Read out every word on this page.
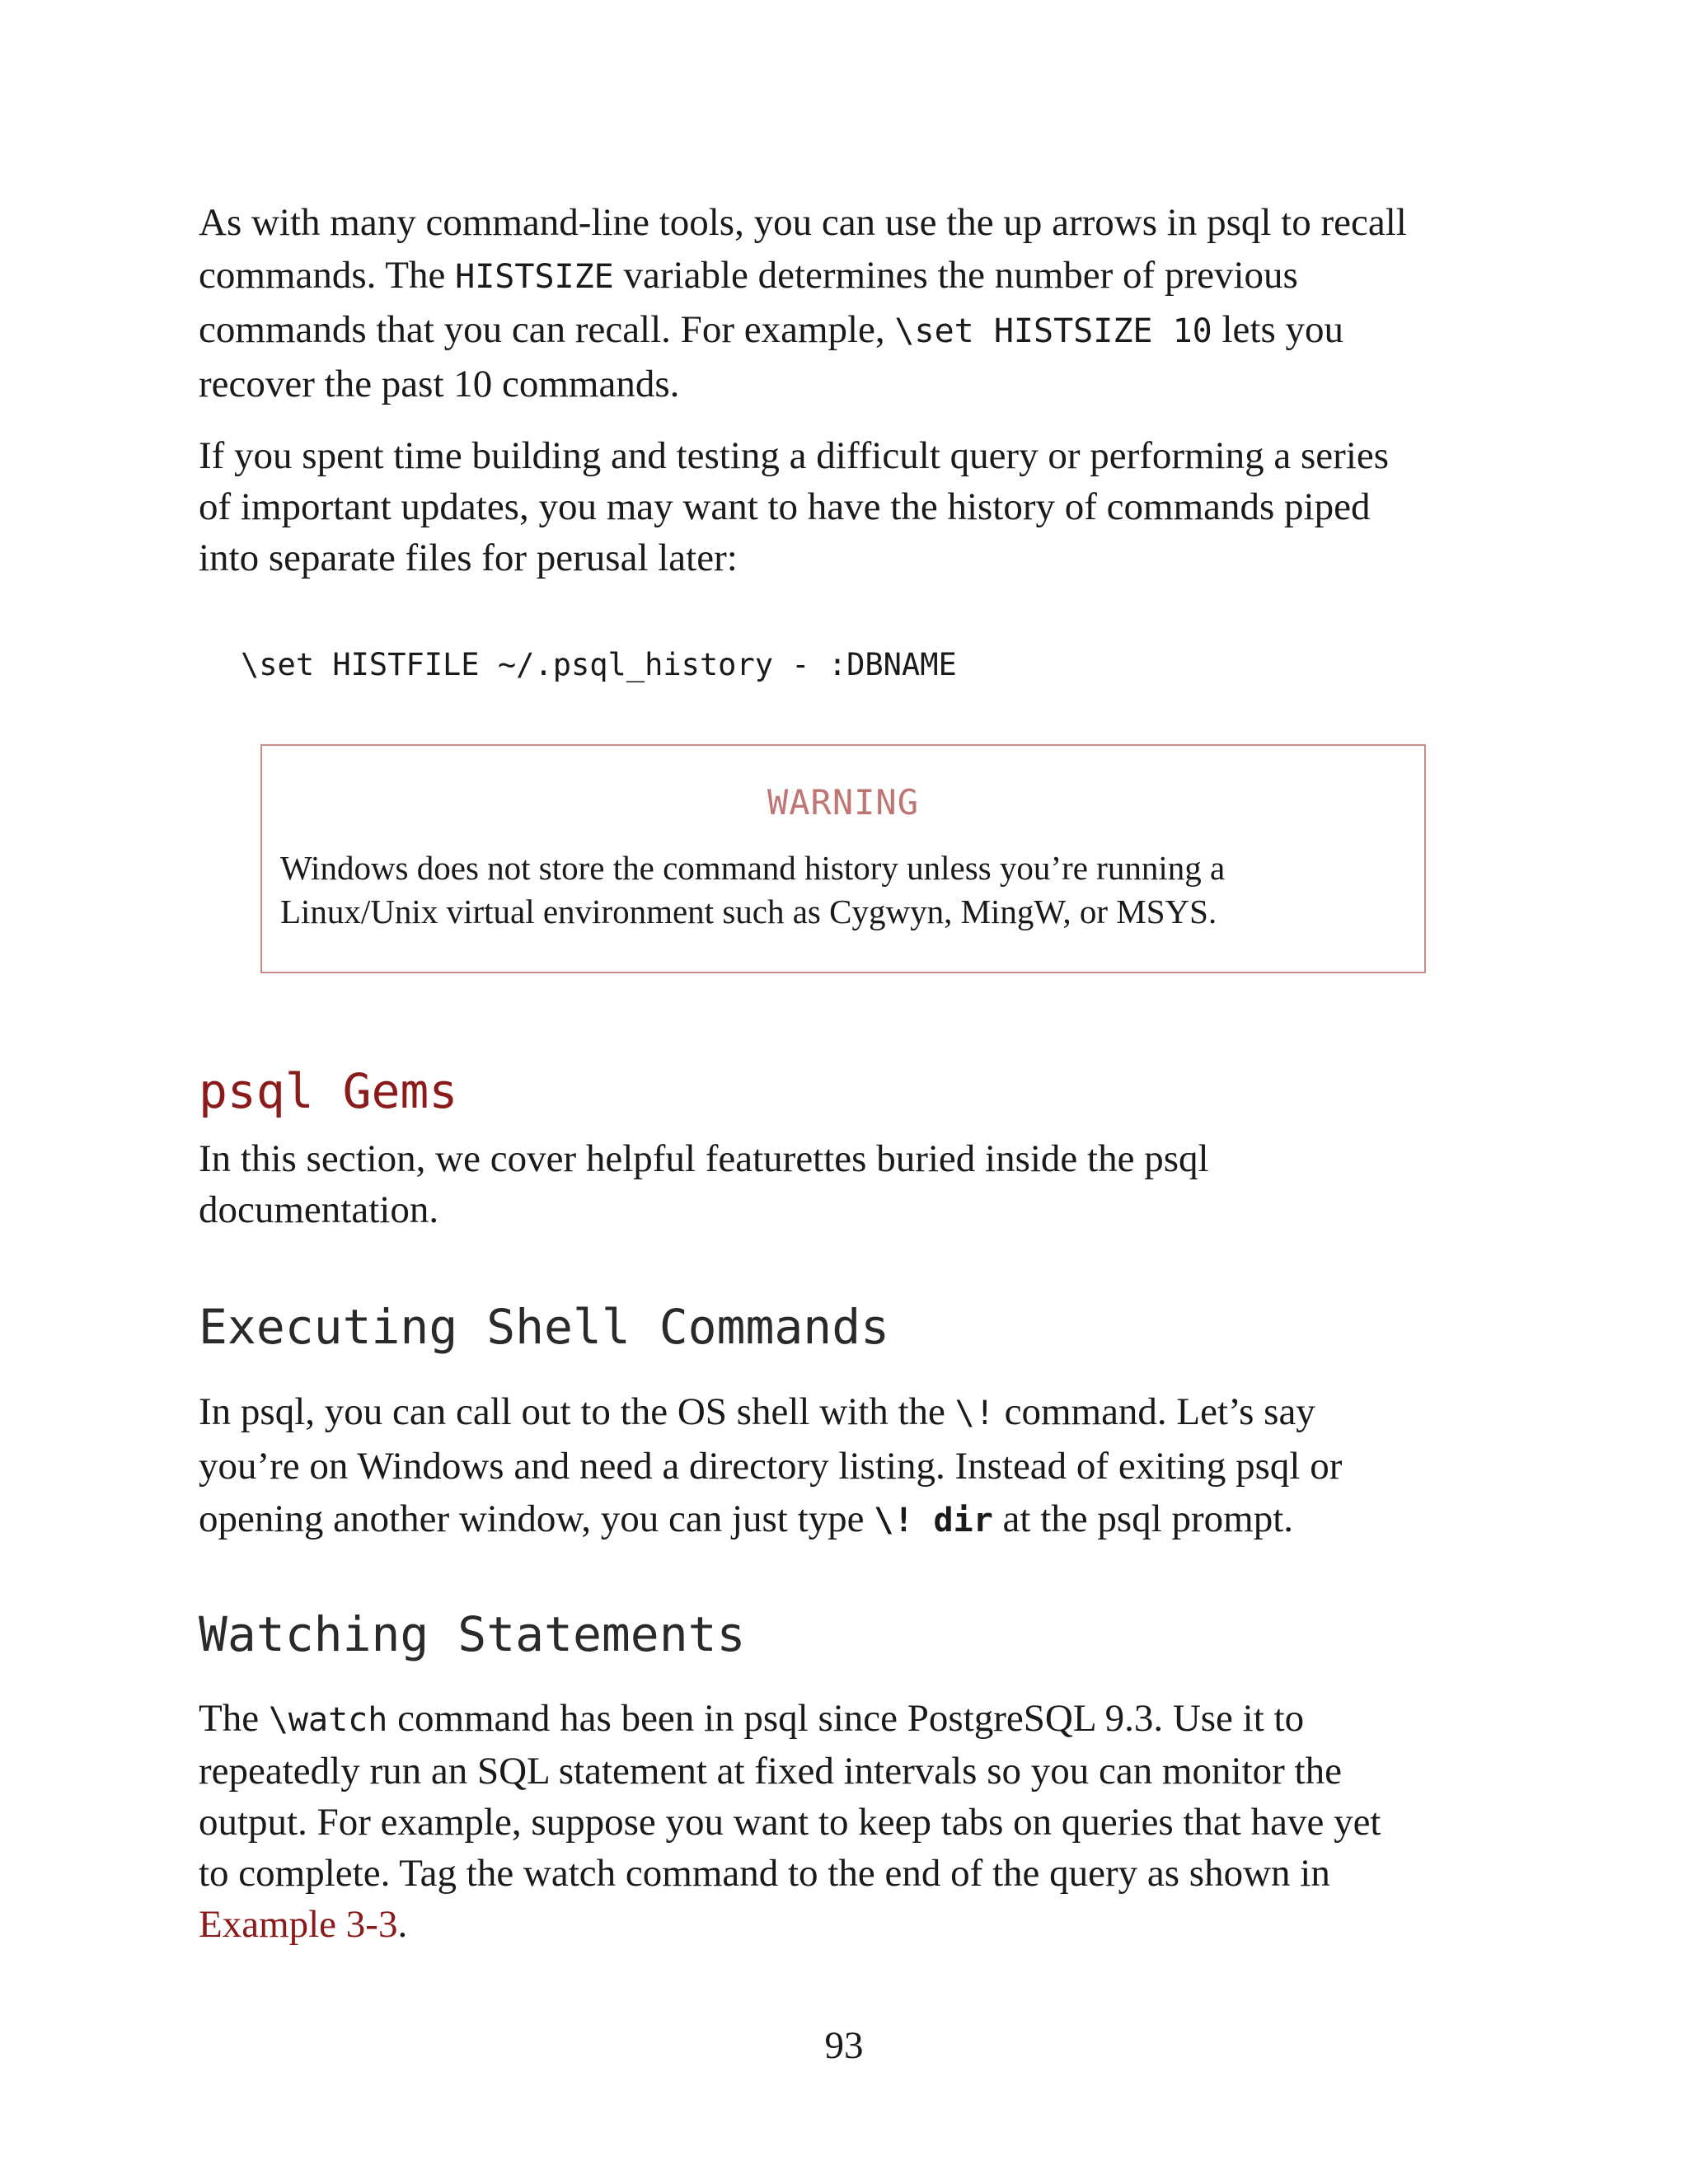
As with many command-line tools, you can use the up arrows in psql to recall
commands. The HISTSIZE variable determines the number of previous
commands that you can recall. For example, \set HISTSIZE 10 lets you
recover the past 10 commands.

If you spent time building and testing a difficult query or performing a series
of important updates, you may want to have the history of commands piped
into separate files for perusal later:

\set HISTFILE ~/.psql_history - :DBNAME
WARNING
Windows does not store the command history unless you’re running a
Linux/Unix virtual environment such as Cygwyn, MingW, or MSYS.
psql Gems

In this section, we cover helpful featurettes buried inside the psql
documentation.

Executing Shell Commands

In psql, you can call out to the OS shell with the \! command. Let’s say
you’re on Windows and need a directory listing. Instead of exiting psql or
opening another window, you can just type \! dir at the psql prompt.

Watching Statements

The \watch command has been in psql since PostgreSQL 9.3. Use it to
repeatedly run an SQL statement at fixed intervals so you can monitor the
output. For example, suppose you want to keep tabs on queries that have yet
to complete. Tag the watch command to the end of the query as shown in
Example 3-3.

93
